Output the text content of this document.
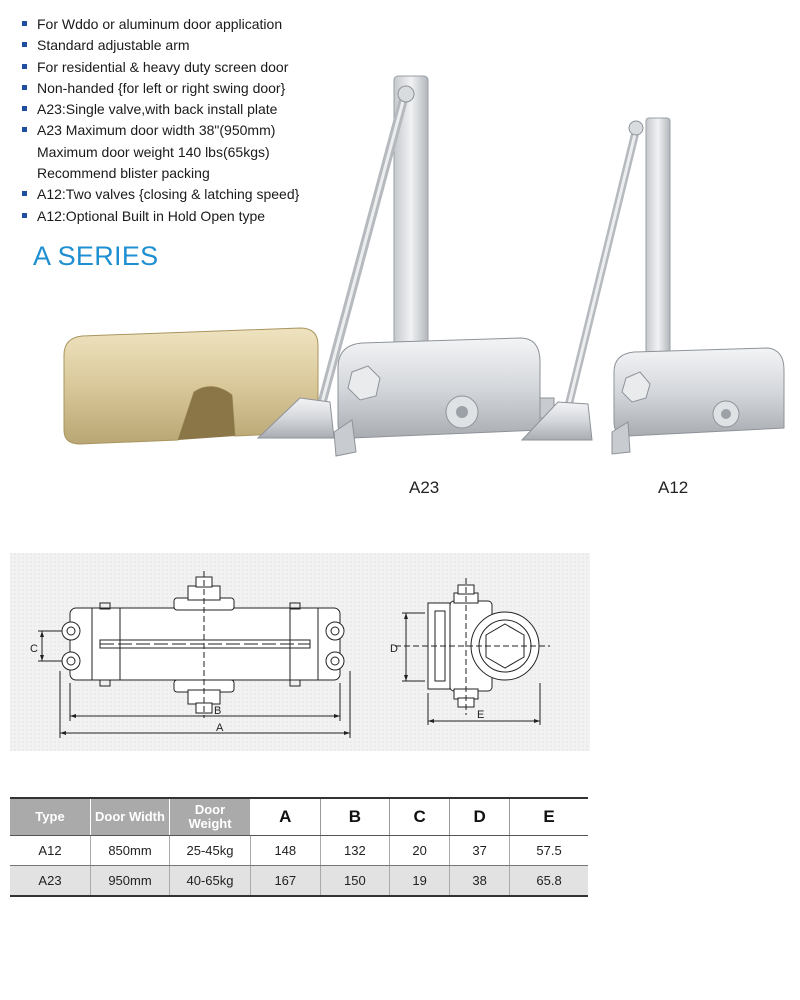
For Wddo or aluminum door application
Standard adjustable arm
For residential & heavy duty screen door
Non-handed {for left or right swing door}
A23:Single valve,with back install plate
A23 Maximum door width 38"(950mm)
Maximum door weight 140 lbs(65kgs)
Recommend blister packing
A12:Two valves {closing & latching speed}
A12:Optional Built in Hold Open type
A SERIES
A23	A12
B
A
C	D
E
Type	Door Width	Door Weight	A	B	C	D	E
A12	850mm	25-45kg	148	132	20	37	57.5
A23	950mm	40-65kg	167	150	19	38	65.8
